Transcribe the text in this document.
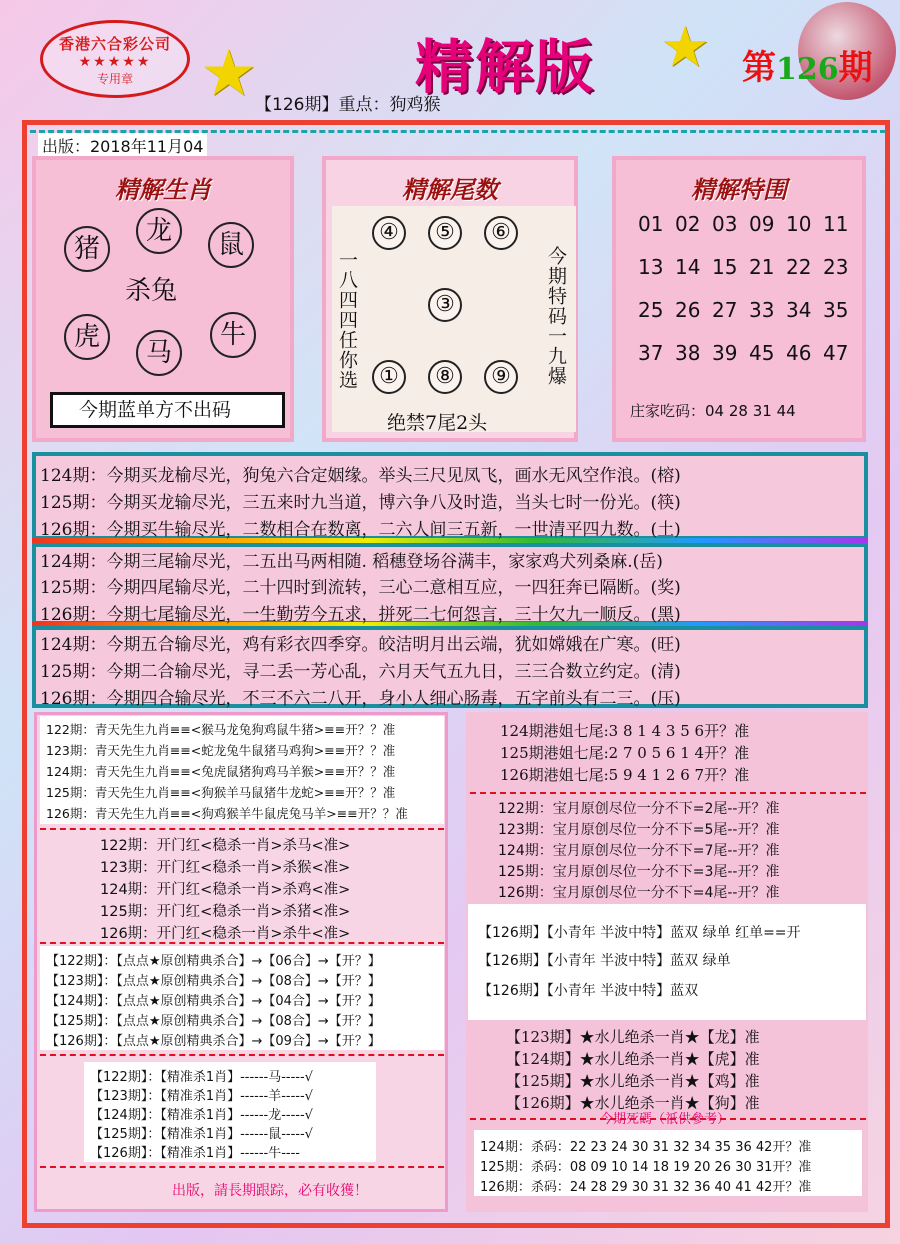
香港六合彩公司
★★★★★
专用章	★	★
精解版	第126期
【126期】重点：狗鸡猴
出版：2018年11月04
精解生肖
猪
龙	鼠
虎
马
牛
杀兔
今期蓝单方不出码
精解尾数
④	⑤	⑥
③
①	⑧	⑨
一八四四任你选	今期特码一九爆
绝禁7尾2头
精解特围
01 02 03 09 10 11
13 14 15 21 22 23
25 26 27 33 34 35
37 38 39 45 46 47
庄家吃码：04 28 31 44
124期：今期买龙榆尽光，狗兔六合定姻缘。举头三尺见凤飞，画水无风空作浪。(榕)
125期：今期买龙输尽光，三五来时九当道，博六争八及时造，当头七时一份光。(筷)
126期：今期买牛输尽光，二数相合在数离，二六人间三五新，一世清平四九数。(土)
124期：今期三尾输尽光，二五出马两相随. 稻穗登场谷满丰，家家鸡犬列桑麻.(岳)
125期：今期四尾输尽光，二十四时到流转，三心二意相互应，一四狂奔已隔断。(奖)
126期：今期七尾输尽光，一生勤劳今五求，拼死二七何怨言，三十欠九一顺反。(黑)
124期：今期五合输尽光，鸡有彩衣四季穿。皎洁明月出云端，犹如嫦娥在广寒。(旺)
125期：今期二合输尽光，寻二丢一芳心乱，六月天气五九日，三三合数立约定。(清)
126期：今期四合输尽光，不三不六二八开，身小人细心肠毒，五字前头有二三。(压)
122期：青天先生九肖≡≡<猴马龙兔狗鸡鼠牛猪>≡≡开？？准
123期：青天先生九肖≡≡<蛇龙兔牛鼠猪马鸡狗>≡≡开？？准
124期：青天先生九肖≡≡<兔虎鼠猪狗鸡马羊猴>≡≡开？？准
125期：青天先生九肖≡≡<狗猴羊马鼠猪牛龙蛇>≡≡开？？准
126期：青天先生九肖≡≡<狗鸡猴羊牛鼠虎兔马羊>≡≡开？？准
122期：开门红<稳杀一肖>杀马<准>
123期：开门红<稳杀一肖>杀猴<准>
124期：开门红<稳杀一肖>杀鸡<准>
125期：开门红<稳杀一肖>杀猪<准>
126期：开门红<稳杀一肖>杀牛<准>
【122期】：【点点★原创精典杀合】→【06合】→【开？】
【123期】：【点点★原创精典杀合】→【08合】→【开？】
【124期】：【点点★原创精典杀合】→【04合】→【开？】
【125期】：【点点★原创精典杀合】→【08合】→【开？】
【126期】：【点点★原创精典杀合】→【09合】→【开？】
【122期】：【精准杀1肖】------马-----√
【123期】：【精准杀1肖】------羊-----√
【124期】：【精准杀1肖】------龙-----√
【125期】：【精准杀1肖】------鼠-----√
【126期】：【精准杀1肖】------牛----
出版，請長期跟踪，必有收獲！
124期港姐七尾:3 8 1 4 3 5 6开？准
125期港姐七尾:2 7 0 5 6 1 4开？准
126期港姐七尾:5 9 4 1 2 6 7开？准
122期：宝月原创尽位一分不下=2尾--开？准
123期：宝月原创尽位一分不下=5尾--开？准
124期：宝月原创尽位一分不下=7尾--开？准
125期：宝月原创尽位一分不下=3尾--开？准
126期：宝月原创尽位一分不下=4尾--开？准
【126期】【小青年 半波中特】蓝双 绿单 红单==开
【126期】【小青年 半波中特】蓝双 绿单
【126期】【小青年 半波中特】蓝双
【123期】★水儿绝杀一肖★【龙】准
【124期】★水儿绝杀一肖★【虎】准
【125期】★水儿绝杀一肖★【鸡】准
【126期】★水儿绝杀一肖★【狗】准
今期死碼（祇供參考）
124期：杀码：22 23 24 30 31 32 34 35 36 42开？准
125期：杀码：08 09 10 14 18 19 20 26 30 31开？准
126期：杀码：24 28 29 30 31 32 36 40 41 42开？准
